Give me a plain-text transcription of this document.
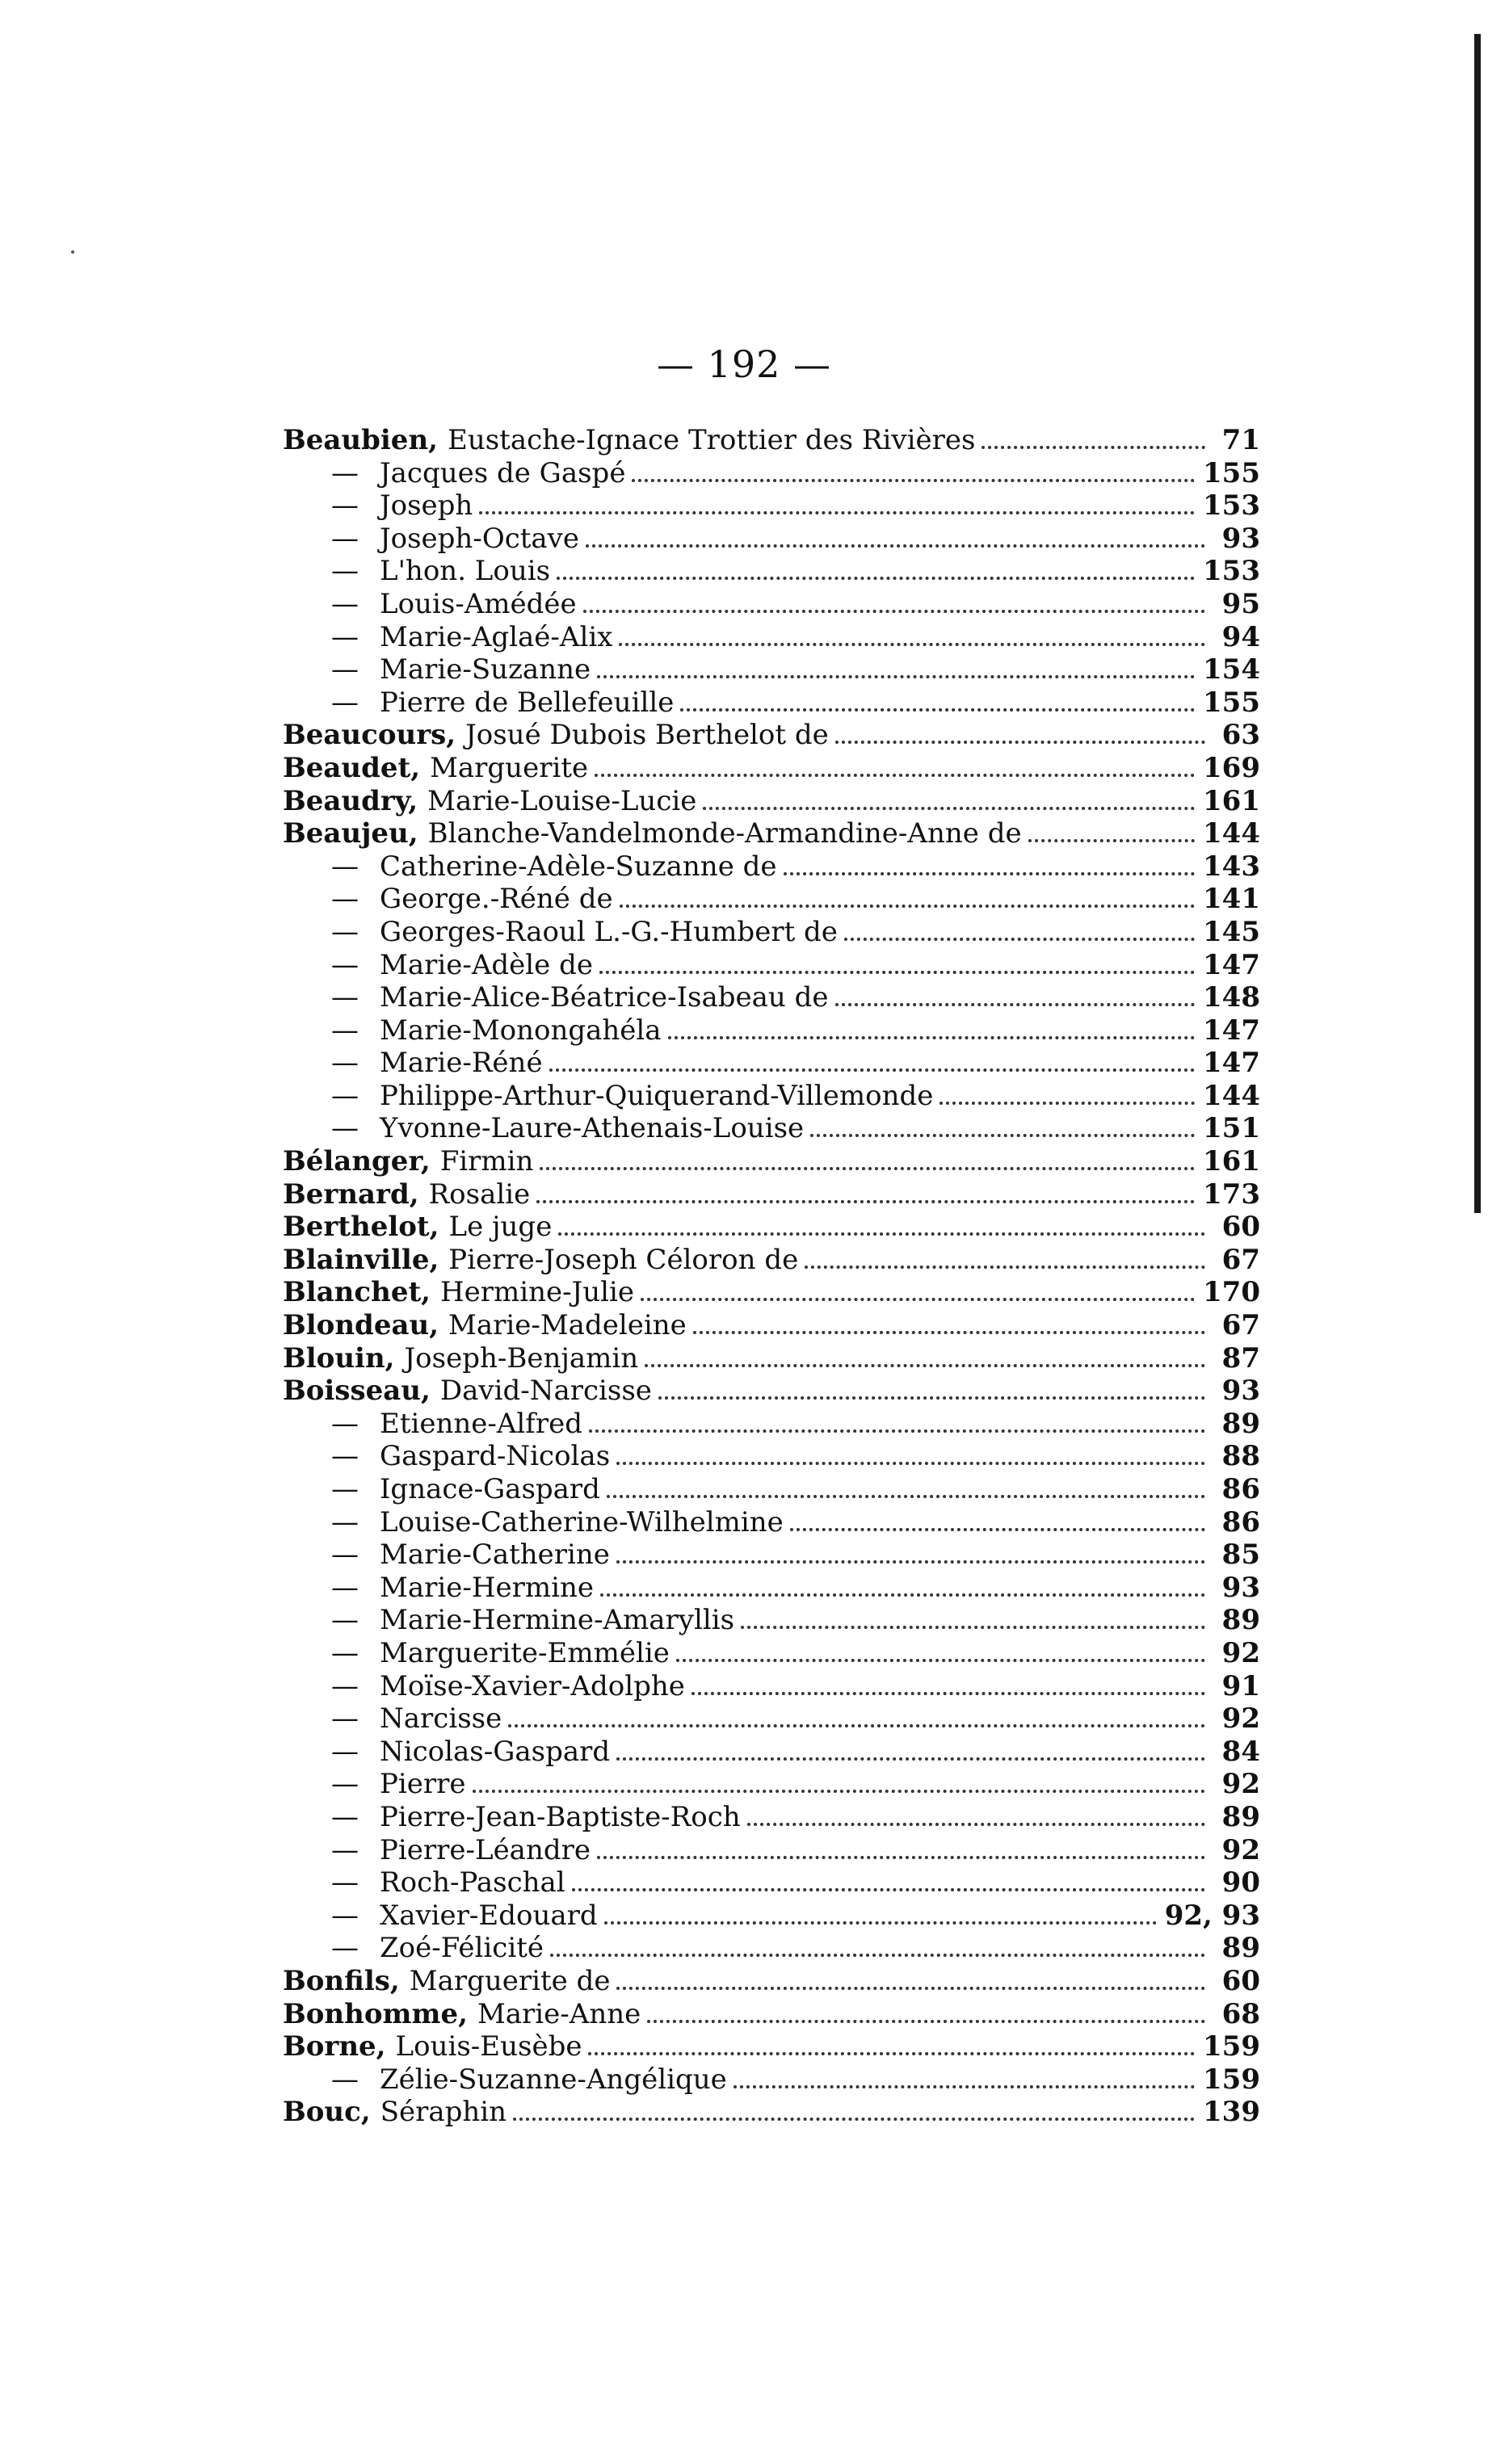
— 192 —
Beaubien, Eustache-Ignace Trottier des Rivières	71
— Jacques de Gaspé	155
— Joseph	153
— Joseph-Octave	93
— L'hon. Louis	153
— Louis-Amédée	95
— Marie-Aglaé-Alix	94
— Marie-Suzanne	154
— Pierre de Bellefeuille	155
Beaucours, Josué Dubois Berthelot de	63
Beaudet, Marguerite	169
Beaudry, Marie-Louise-Lucie	161
Beaujeu, Blanche-Vandelmonde-Armandine-Anne de	144
— Catherine-Adèle-Suzanne de	143
— George.-Réné de	141
— Georges-Raoul L.-G.-Humbert de	145
— Marie-Adèle de	147
— Marie-Alice-Béatrice-Isabeau de	148
— Marie-Monongahéla	147
— Marie-Réné	147
— Philippe-Arthur-Quiquerand-Villemonde	144
— Yvonne-Laure-Athenais-Louise	151
Bélanger, Firmin	161
Bernard, Rosalie	173
Berthelot, Le juge	60
Blainville, Pierre-Joseph Céloron de	67
Blanchet, Hermine-Julie	170
Blondeau, Marie-Madeleine	67
Blouin, Joseph-Benjamin	87
Boisseau, David-Narcisse	93
— Etienne-Alfred	89
— Gaspard-Nicolas	88
— Ignace-Gaspard	86
— Louise-Catherine-Wilhelmine	86
— Marie-Catherine	85
— Marie-Hermine	93
— Marie-Hermine-Amaryllis	89
— Marguerite-Emmélie	92
— Moïse-Xavier-Adolphe	91
— Narcisse	92
— Nicolas-Gaspard	84
— Pierre	92
— Pierre-Jean-Baptiste-Roch	89
— Pierre-Léandre	92
— Roch-Paschal	90
— Xavier-Edouard	92, 93
— Zoé-Félicité	89
Bonfils, Marguerite de	60
Bonhomme, Marie-Anne	68
Borne, Louis-Eusèbe	159
— Zélie-Suzanne-Angélique	159
Bouc, Séraphin	139
